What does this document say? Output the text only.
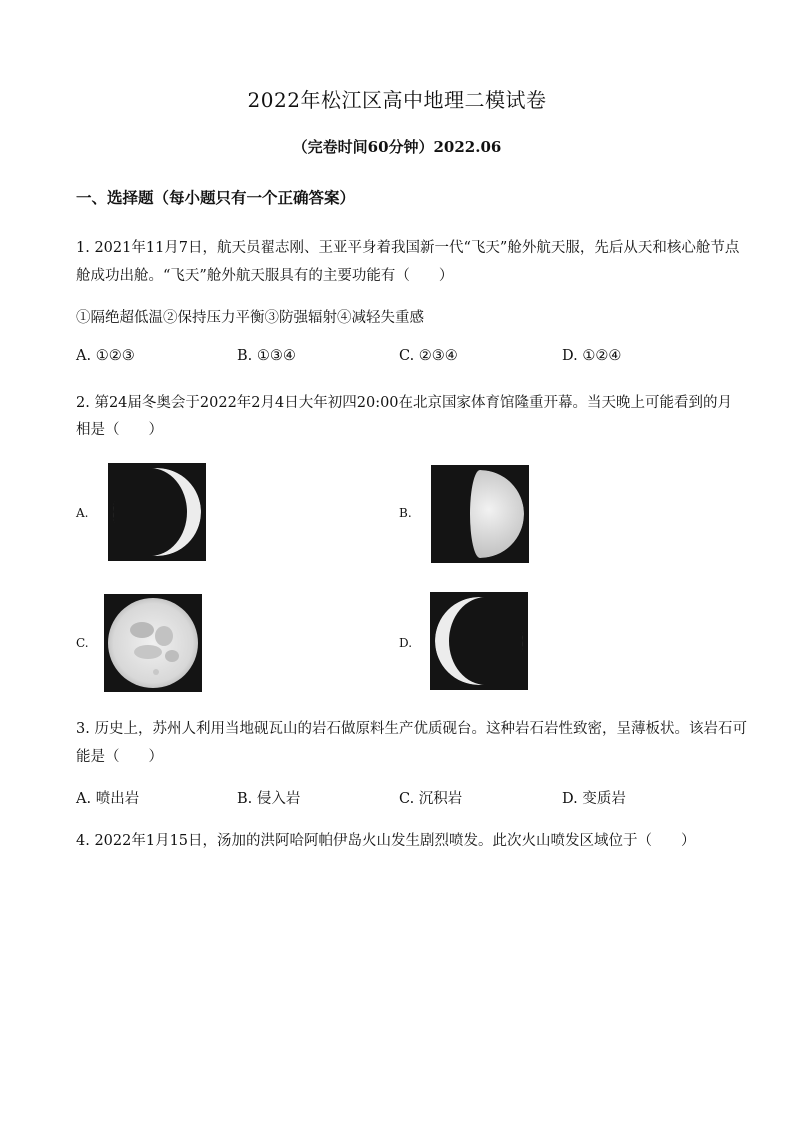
2022年松江区高中地理二模试卷
（完卷时间60分钟）2022.06
一、选择题（每小题只有一个正确答案）
1. 2021年11月7日，航天员翟志刚、王亚平身着我国新一代“飞天”舱外航天服，先后从天和核心舱节点
舱成功出舱。“飞天”舱外航天服具有的主要功能有（　　）
①隔绝超低温②保持压力平衡③防强辐射④减轻失重感
A. ①②③	B. ①③④	C. ②③④	D. ①②④
2. 第24届冬奥会于2022年2月4日大年初四20:00在北京国家体育馆隆重开幕。当天晚上可能看到的月
相是（　　）
A.	B.
C.	D.
3. 历史上，苏州人利用当地砚瓦山的岩石做原料生产优质砚台。这种岩石岩性致密，呈薄板状。该岩石可
能是（　　）
A. 喷出岩	B. 侵入岩	C. 沉积岩	D. 变质岩
4. 2022年1月15日，汤加的洪阿哈阿帕伊岛火山发生剧烈喷发。此次火山喷发区域位于（　　）
